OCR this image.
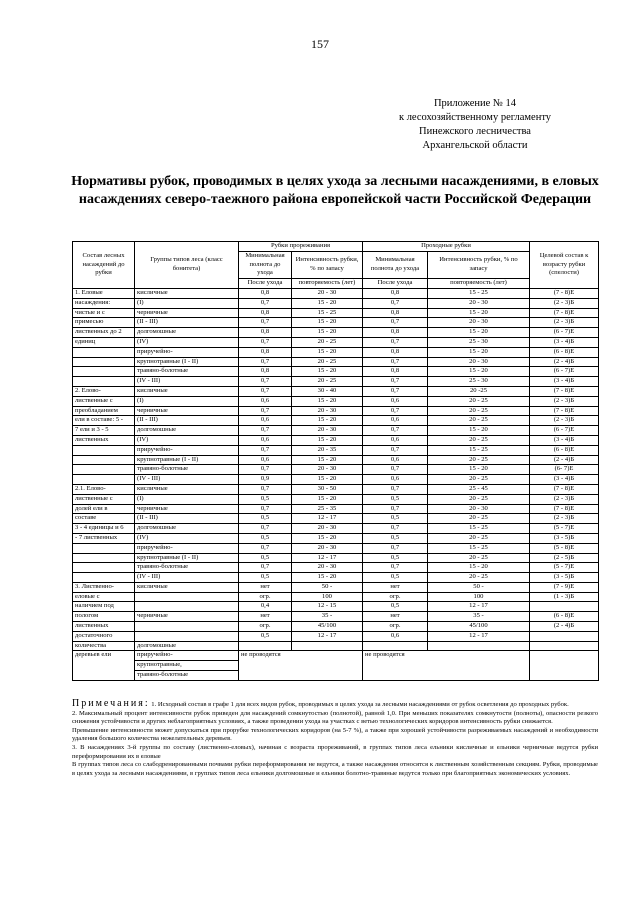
157
Приложение № 14
к лесохозяйственному регламенту
Пинежского лесничества
Архангельской области
Нормативы рубок, проводимых в целях ухода за лесными насаждениями, в еловых насаждениях северо-таежного района европейской части Российской Федерации
Состав лесных насаждений до рубки	Группы типов леса (класс бонитета)	Рубки прореживания		Проходные рубки		Целевой состав к возрасту рубки (спелости)
		Минимальная полнота до ухода	Интенсивность рубки, % по запасу	Минимальная полнота до ухода	Интенсивность рубки, % по запасу	
		После ухода	повторяемость (лет)	После ухода	повторяемость (лет)	
1. Еловые	кисличные	0,8	20 - 30	0,8	15 - 25	(7 - 8)Е
насаждения:	(I)	0,7	15 - 20	0,7	20 - 30	(2 - 3)Б
чистые и с	черничные	0,8	15 - 25	0,8	15 - 20	(7 - 8)Е
примесью	(II - III)	0,7	15 - 20	0,7	20 - 30	(2 - 3)Б
лиственных до 2	долгомошные	0,8	15 - 20	0,8	15 - 20	(6 - 7)Е
единиц	(IV)	0,7	20 - 25	0,7	25 - 30	(3 - 4)Б
	приручейно-	0,8	15 - 20	0,8	15 - 20	(6 - 8)Е
	крупнотравные (I - II)	0,7	20 - 25	0,7	20 - 30	(2 - 4)Б
	травяно-болотные	0,8	15 - 20	0,8	15 - 20	(6 - 7)Е
	(IV - III)	0,7	20 - 25	0,7	25 - 30	(3 - 4)Б
2. Елово-	кисличные	0,7	30 - 40	0,7	20 -25	(7 - 8)Е
лиственные с	(I)	0,6	15 - 20	0,6	20 - 25	(2 - 3)Б
преобладанием	черничные	0,7	20 - 30	0,7	20 - 25	(7 - 8)Е
ели в составе: 5 -	(II - III)	0,6	15 - 20	0,6	20 - 25	(2 - 3)Б
7 ели и 3 - 5	долгомошные	0,7	20 - 30	0,7	15 - 20	(6 - 7)Е
лиственных	(IV)	0,6	15 - 20	0,6	20 - 25	(3 - 4)Б
	приручейно-	0,7	20 - 35	0,7	15 - 25	(6 - 8)Е
	крупнотравные (I - II)	0,6	15 - 20	0,6	20 - 25	(2 - 4)Б
	травяно-болотные	0,7	20 - 30	0,7	15 - 20	(6- 7)Е
	(IV - III)	0,9	15 - 20	0,6	20 - 25	(3 - 4)Б
2.1. Елово-	кисличные	0,7	30 - 50	0,7	25 - 45	(7 - 8)Е
лиственные с	(I)	0,5	15 - 20	0,5	20 - 25	(2 - 3)Б
долей ели в	черничные	0,7	25 - 35	0,7	20 - 30	(7 - 8)Е
составе	(II - III)	0,5	12 - 17	0,5	20 - 25	(2 - 3)Б
3 - 4 единицы и 6	долгомошные	0,7	20 - 30	0,7	15 - 25	(5 - 7)Е
- 7 лиственных	(IV)	0,5	15 - 20	0,5	20 - 25	(3 - 5)Б
	приручейно-	0,7	20 - 30	0,7	15 - 25	(5 - 8)Е
	крупнотравные (I - II)	0,5	12 - 17	0,5	20 - 25	(2 - 5)Б
	травяно-болотные	0,7	20 - 30	0,7	15 - 20	(5 - 7)Е
	(IV - III)	0,5	15 - 20	0,5	20 - 25	(3 - 5)Б
3. Лиственно-	кисличные	нет	50 -	нет	50 -	(7 - 9)Е
еловые с		огр.	100	огр.	100	(1 - 3)Б
наличием под		0,4	12 - 15	0,5	12 - 17	
пологом	черничные	нет	35 -	нет	35 -	(6 - 8)Е
лиственных		огр.	45/100	огр.	45/100	(2 - 4)Б
достаточного		0,5	12 - 17	0,6	12 - 17	
количества	долгомошные					
деревьев ели	приручейно-	не проводятся		не проводятся		
	крупнотравные,					
	травяно-болотные					

Примечания: 1. Исходный состав в графе 1 для всех видов рубок, проводимых в целях ухода за лесными насаждениями от рубок осветления до проходных рубок.

2. Максимальный процент интенсивности рубок приведен для насаждений сомкнутостью (полнотой), равной 1,0. При меньших показателях сомкнутости (полноты), опасности резкого снижения устойчивости и других неблагоприятных условиях, а также проведении ухода на участках с ветью технологических коридоров интенсивность рубки снижается.

Превышение интенсивности может допускаться при прорубке технологических коридоров (на 5-7 %), а также при хорошей устойчивости разреживаемых насаждений и необходимости удаления большого количества нежелательных деревьев.

3. В насаждениях 3-й группы по составу (лиственно-еловых), начиная с возраста прореживаний, в группах типов леса ельники кисличные и ельники черничные ведутся рубки переформирования их в еловые

В группах типов леса со слабодренированными почвами рубки переформирования не ведутся, а также насаждения относятся к лиственным хозяйственным секциям. Рубки, проводимые в целях ухода за лесными насаждениями, в группах типов леса ельники долгомошные и ельники болотно-травяные ведутся только при благоприятных экономических условиях.
